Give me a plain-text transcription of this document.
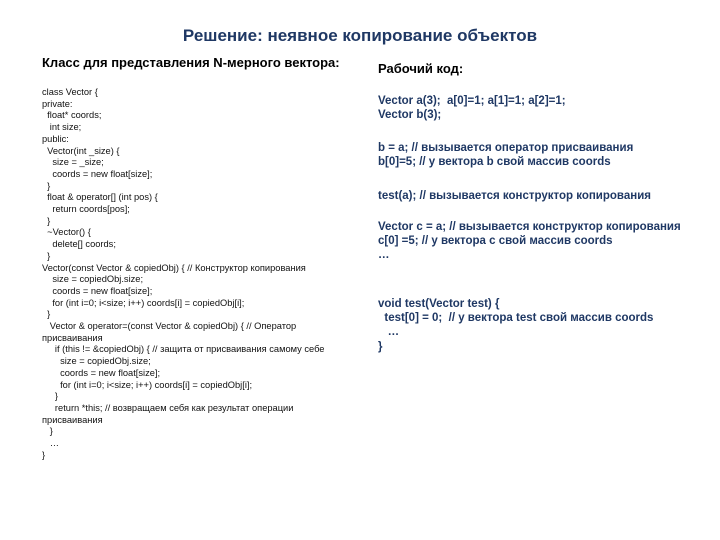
Решение: неявное копирование объектов
Класс для представления N-мерного вектора:
class Vector {
private:
float* coords;
int size;
public:
Vector(int _size) {
size = _size;
coords = new float[size];
}
float & operator[] (int pos) {
return coords[pos];
}
~Vector() {
delete[] coords;
}
Vector(const Vector & copiedObj) { // Конструктор копирования
size = copiedObj.size;
coords = new float[size];
for (int i=0; i<size; i++) coords[i] = copiedObj[i];
}
Vector & operator=(const Vector & copiedObj) { // Оператор присваивания
if (this != &copiedObj) { // защита от присваивания самому себе
size = copiedObj.size;
coords = new float[size];
for (int i=0; i<size; i++) coords[i] = copiedObj[i];
}
return *this; // возвращаем себя как результат операции присваивания
}
…
}
Рабочий код:
Vector a(3);  a[0]=1; a[1]=1; a[2]=1;
Vector b(3);
b = a; // вызывается оператор присваивания
b[0]=5; // у вектора b свой массив coords
test(a); // вызывается конструктор копирования
Vector c = a; // вызывается конструктор копирования
c[0] =5; // у вектора с свой массив coords
…
void test(Vector test) {
test[0] = 0;  // у вектора test свой массив coords
…
}
